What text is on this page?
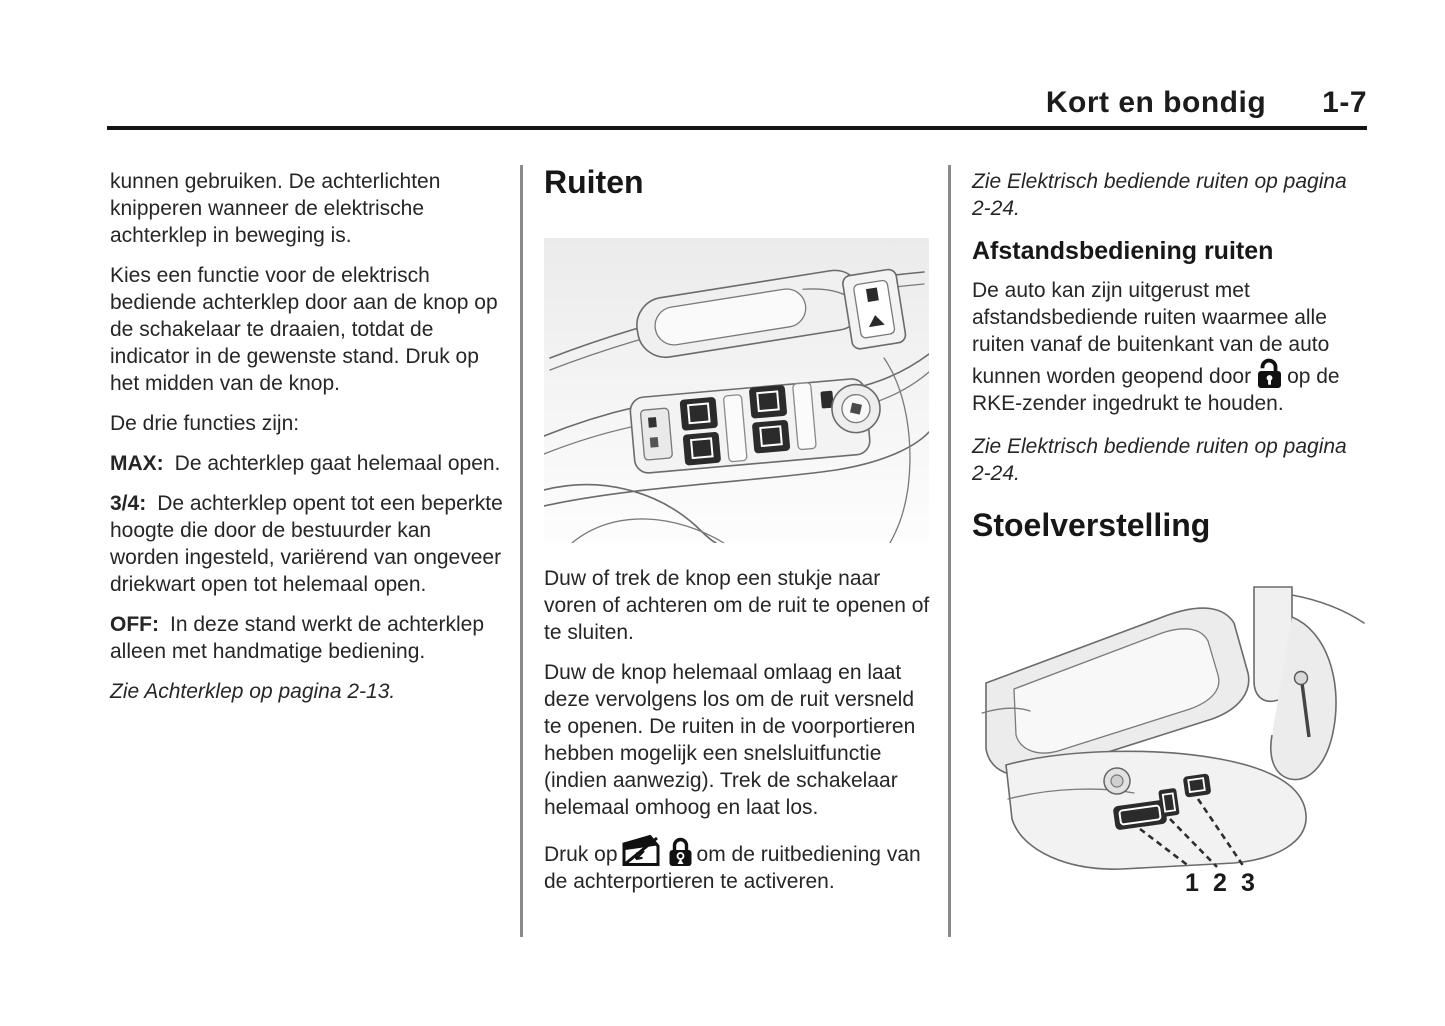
Kort en bondig 1-7

kunnen gebruiken. De achterlichten knipperen wanneer de elektrische achterklep in beweging is.

Kies een functie voor de elektrisch bediende achterklep door aan de knop op de schakelaar te draaien, totdat de indicator in de gewenste stand. Druk op het midden van de knop.

De drie functies zijn:

MAX: De achterklep gaat helemaal open.

3/4: De achterklep opent tot een beperkte hoogte die door de bestuurder kan worden ingesteld, variërend van ongeveer driekwart open tot helemaal open.

OFF: In deze stand werkt de achterklep alleen met handmatige bediening.

Zie Achterklep op pagina 2-13.

Ruiten

Duw of trek de knop een stukje naar voren of achteren om de ruit te openen of te sluiten.

Duw de knop helemaal omlaag en laat deze vervolgens los om de ruit versneld te openen. De ruiten in de voorportieren hebben mogelijk een snelsluitfunctie (indien aanwezig). Trek de schakelaar helemaal omhoog en laat los.

Druk op	om de ruitbediening van de achterportieren te activeren.

Zie Elektrisch bediende ruiten op pagina 2-24.

Afstandsbediening ruiten

De auto kan zijn uitgerust met afstandsbediende ruiten waarmee alle ruiten vanaf de buitenkant van de auto kunnen worden geopend door op de RKE-zender ingedrukt te houden.

Zie Elektrisch bediende ruiten op pagina 2-24.

Stoelverstelling
1 2 3
